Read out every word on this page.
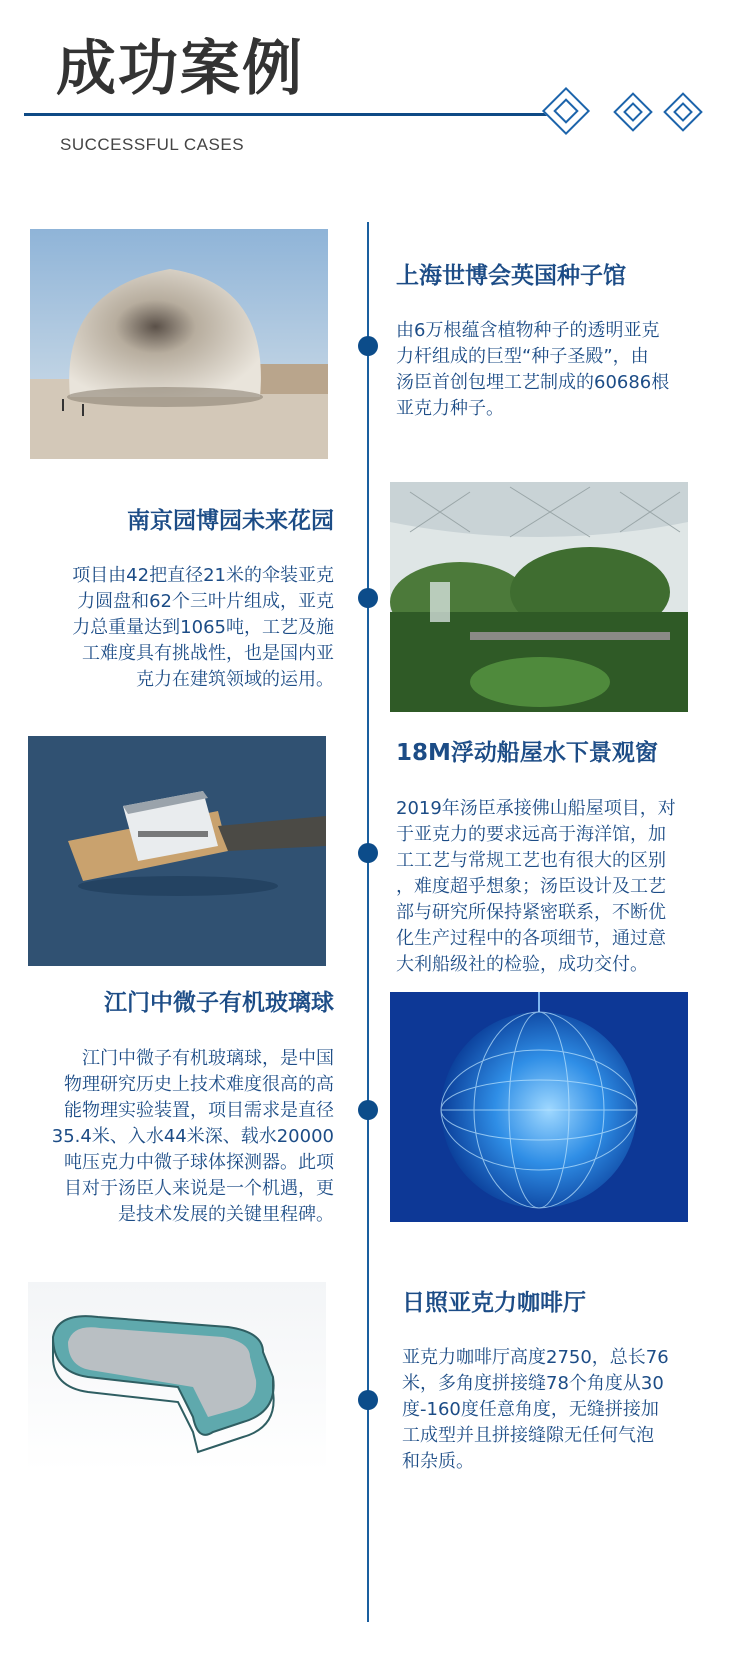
成功案例
SUCCESSFUL CASES
上海世博会英国种子馆

由6万根蕴含植物种子的透明亚克
力杆组成的巨型“种子圣殿”，由
汤臣首创包埋工艺制成的60686根
亚克力种子。

南京园博园未来花园

项目由42把直径21米的伞装亚克
力圆盘和62个三叶片组成，亚克
力总重量达到1065吨，工艺及施
工难度具有挑战性，也是国内亚
克力在建筑领域的运用。

18M浮动船屋水下景观窗

2019年汤臣承接佛山船屋项目，对
于亚克力的要求远高于海洋馆，加
工工艺与常规工艺也有很大的区别
，难度超乎想象；汤臣设计及工艺
部与研究所保持紧密联系，不断优
化生产过程中的各项细节，通过意
大利船级社的检验，成功交付。

江门中微子有机玻璃球

江门中微子有机玻璃球，是中国
物理研究历史上技术难度很高的高
能物理实验装置，项目需求是直径
35.4米、入水44米深、载水20000
吨压克力中微子球体探测器。此项
目对于汤臣人来说是一个机遇，更
是技术发展的关键里程碑。

日照亚克力咖啡厅

亚克力咖啡厅高度2750，总长76
米，多角度拼接缝78个角度从30
度-160度任意角度，无缝拼接加
工成型并且拼接缝隙无任何气泡
和杂质。
